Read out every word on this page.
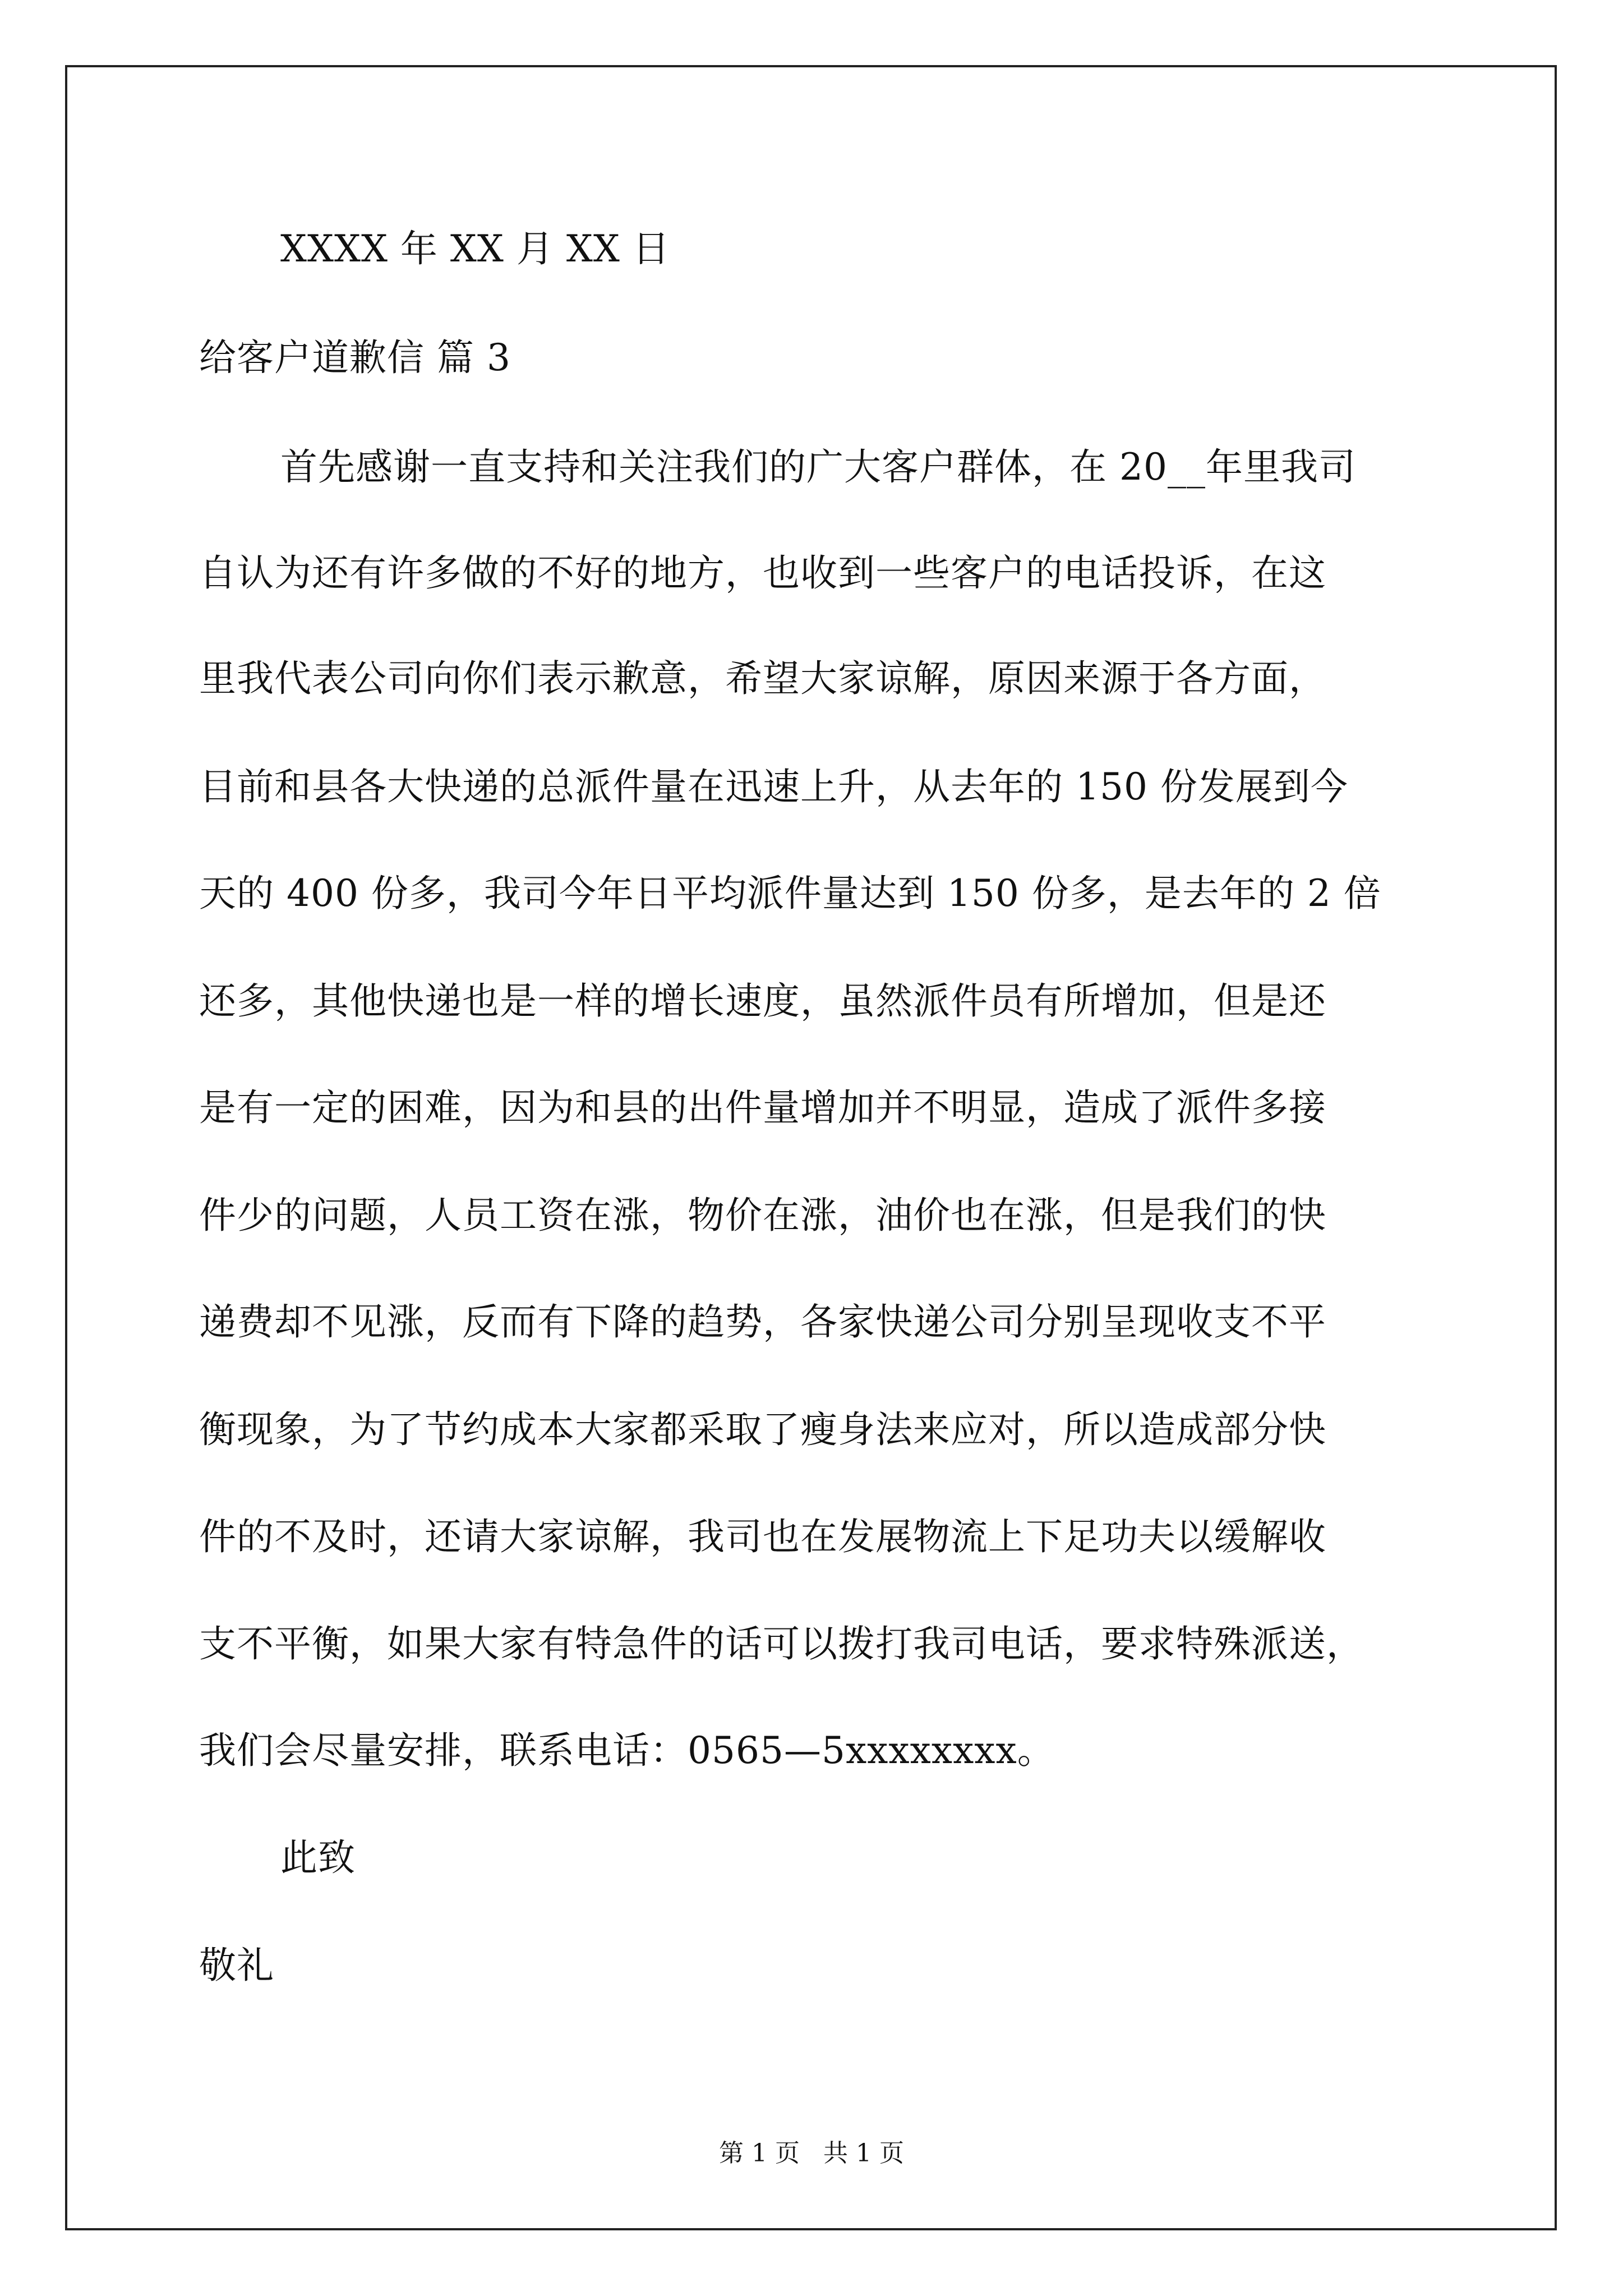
XXXX 年 XX 月 XX 日
给客户道歉信 篇 3
首先感谢一直支持和关注我们的广大客户群体，在 20__年里我司
自认为还有许多做的不好的地方，也收到一些客户的电话投诉，在这
里我代表公司向你们表示歉意，希望大家谅解，原因来源于各方面，
目前和县各大快递的总派件量在迅速上升，从去年的 150 份发展到今
天的 400 份多，我司今年日平均派件量达到 150 份多，是去年的 2 倍
还多，其他快递也是一样的增长速度，虽然派件员有所增加，但是还
是有一定的困难，因为和县的出件量增加并不明显，造成了派件多接
件少的问题，人员工资在涨，物价在涨，油价也在涨，但是我们的快
递费却不见涨，反而有下降的趋势，各家快递公司分别呈现收支不平
衡现象，为了节约成本大家都采取了瘦身法来应对，所以造成部分快
件的不及时，还请大家谅解，我司也在发展物流上下足功夫以缓解收
支不平衡，如果大家有特急件的话可以拨打我司电话，要求特殊派送，
我们会尽量安排，联系电话：0565—5xxxxxxxx。
此致
敬礼
第 1 页   共 1 页
